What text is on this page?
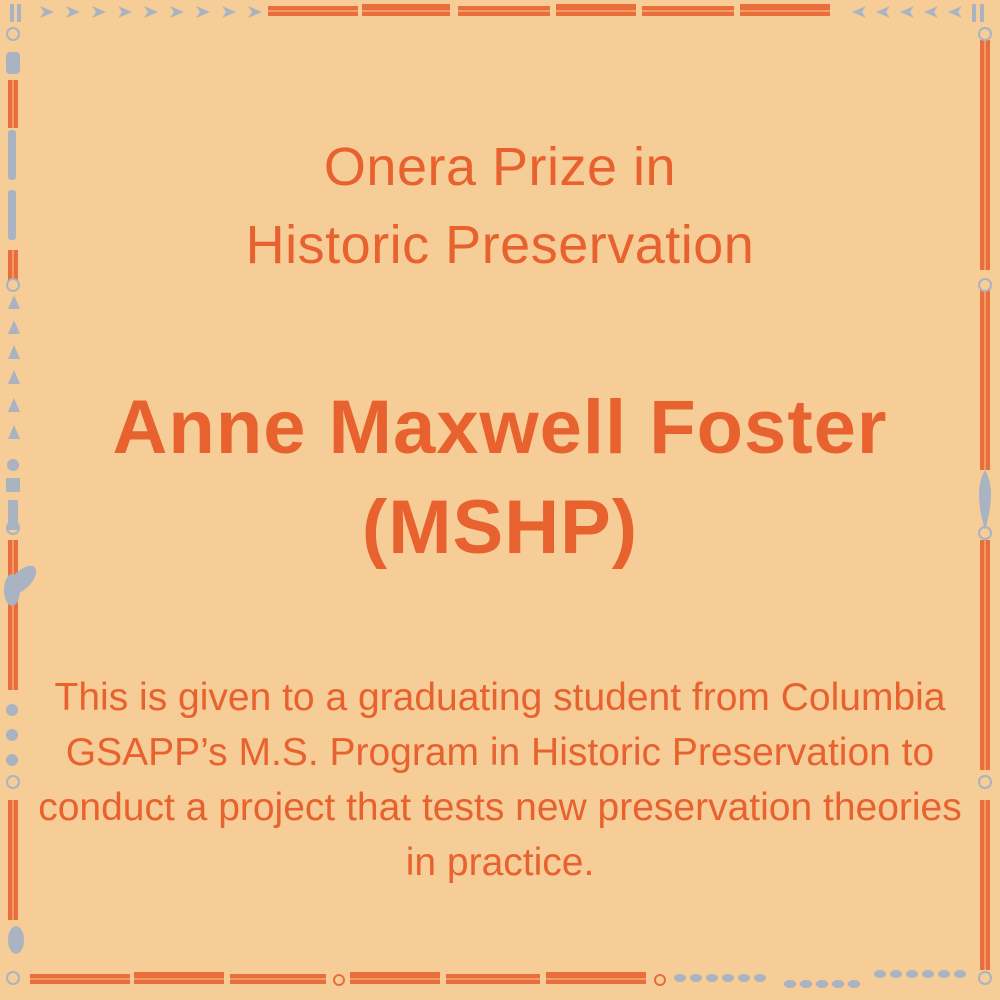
Onera Prize in
Historic Preservation
Anne Maxwell Foster
(MSHP)
This is given to a graduating student from Columbia GSAPP’s M.S. Program in Historic Preservation to conduct a project that tests new preservation theories in practice.
